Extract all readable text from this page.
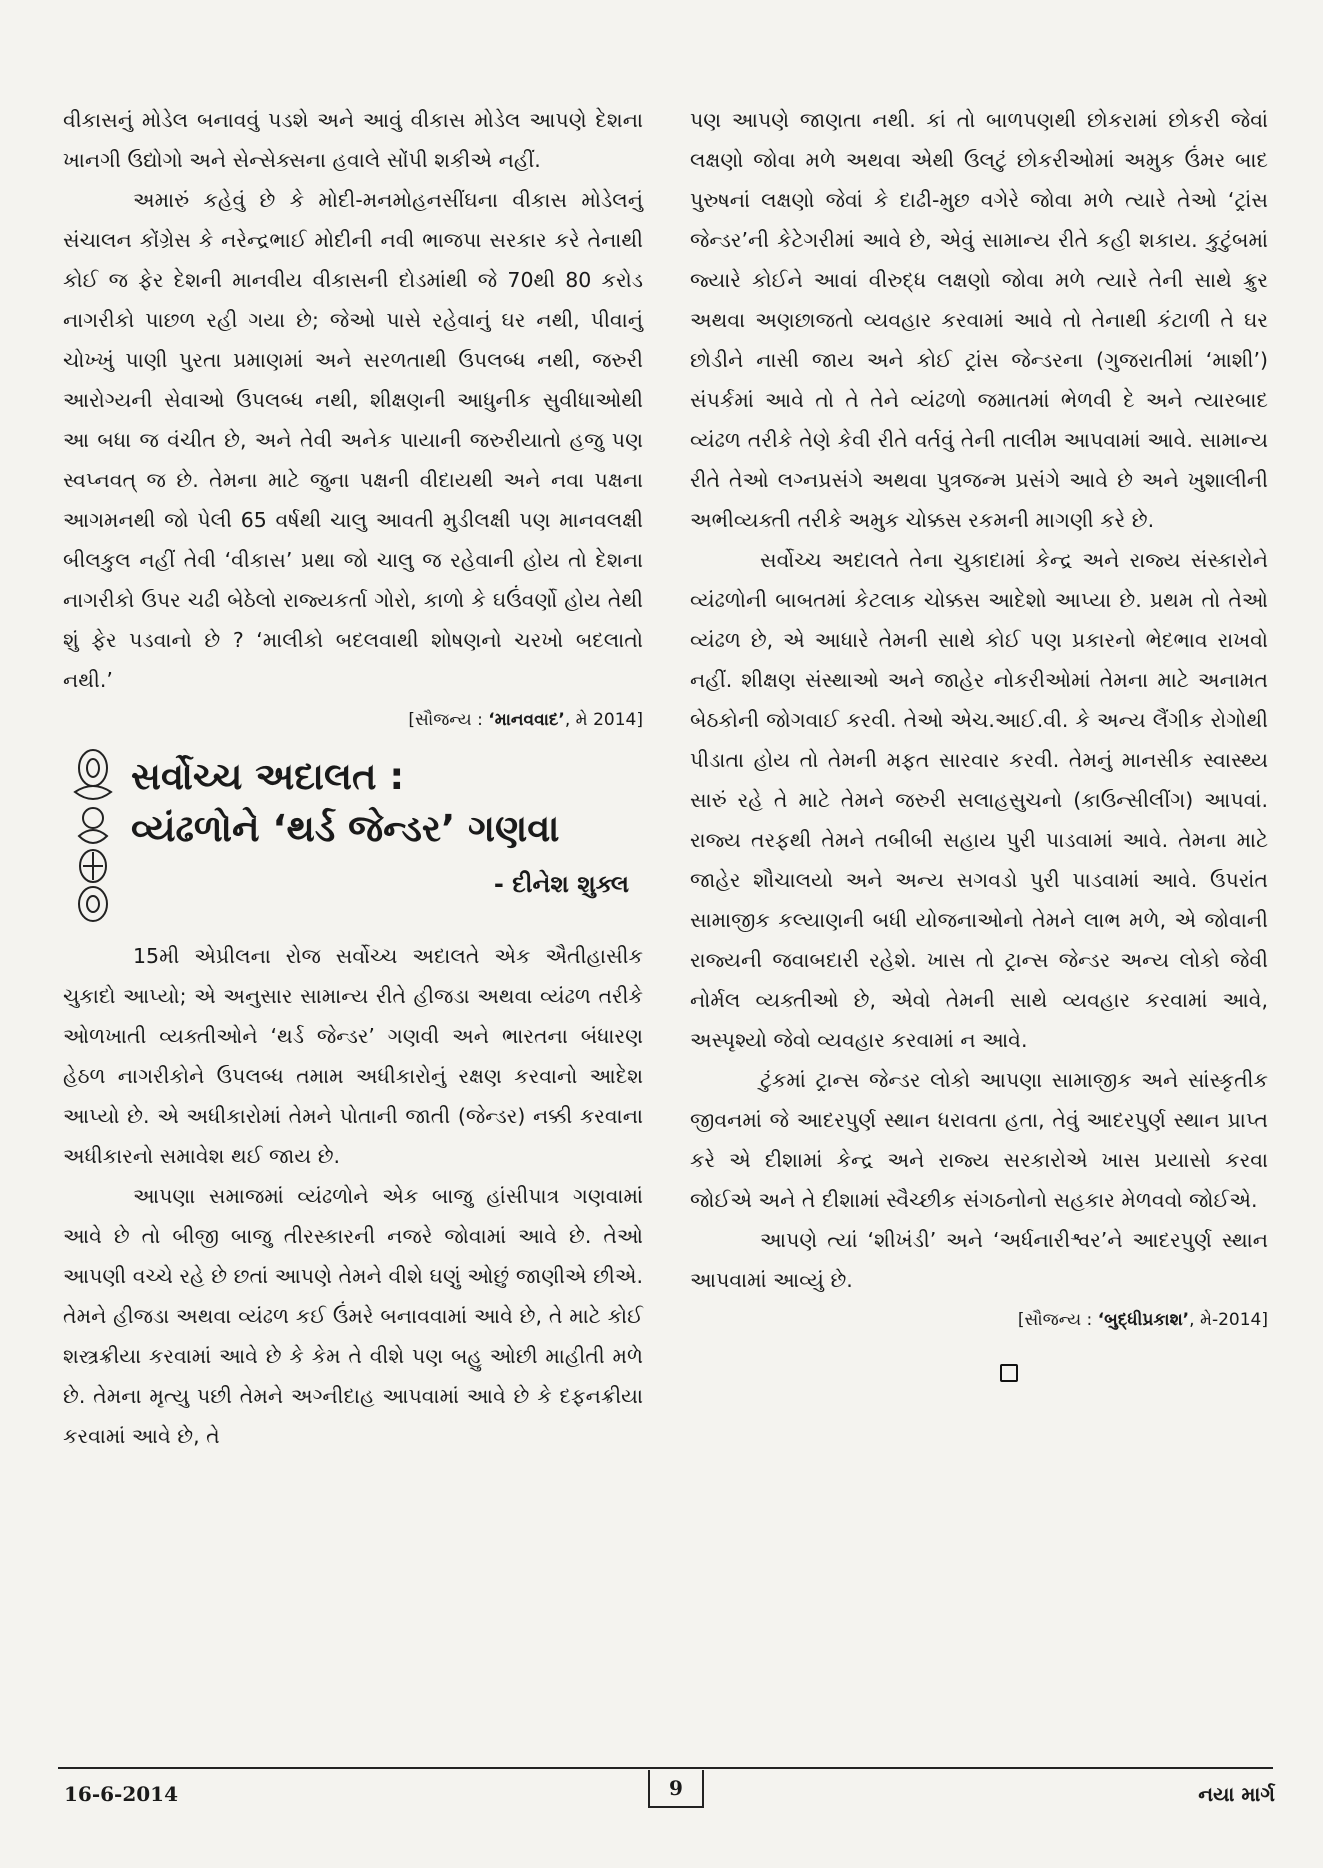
વીકાસનું મોડેલ બનાવવું પડશે અને આવું વીકાસ મોડેલ આપણે દેશના ખાનગી ઉદ્યોગો અને સેન્સેક્સના હવાલે સોંપી શકીએ નહીં.

અમારું કહેવું છે કે મોદી-મનમોહનસીંઘના વીકાસ મોડેલનું સંચાલન કોંગ્રેસ કે નરેન્દ્રભાઈ મોદીની નવી ભાજપા સરકાર કરે તેનાથી કોઈ જ ફેર દેશની માનવીય વીકાસની દોડમાંથી જે 70થી 80 કરોડ નાગરીકો પાછળ રહી ગયા છે; જેઓ પાસે રહેવાનું ઘર નથી, પીવાનું ચોખ્ખું પાણી પુરતા પ્રમાણમાં અને સરળતાથી ઉપલબ્ધ નથી, જરુરી આરોગ્યની સેવાઓ ઉપલબ્ધ નથી, શીક્ષણની આધુનીક સુવીધાઓથી આ બધા જ વંચીત છે, અને તેવી અનેક પાયાની જરુરીયાતો હજુ પણ સ્વપ્નવત્ જ છે. તેમના માટે જુના પક્ષની વીદાયથી અને નવા પક્ષના આગમનથી જો પેલી 65 વર્ષથી ચાલુ આવતી મુડીલક્ષી પણ માનવલક્ષી બીલકુલ નહીં તેવી ‘વીકાસ’ પ્રથા જો ચાલુ જ રહેવાની હોય તો દેશના નાગરીકો ઉપર ચઢી બેઠેલો રાજ્યકર્તા ગોરો, કાળો કે ઘઉંવર્ણો હોય તેથી શું ફેર પડવાનો છે ? ‘માલીકો બદલવાથી શોષણનો ચરખો બદલાતો નથી.’

[સૌજન્ય : ‘માનવવાદ’, મે 2014]
સર્વોચ્ચ અદાલત :
વ્યંઢળોને ‘થર્ડ જેન્ડર’ ગણવા
- દીનેશ શુક્લ

15મી એપ્રીલના રોજ સર્વોચ્ચ અદાલતે એક ઐતીહાસીક ચુકાદો આપ્યો; એ અનુસાર સામાન્ય રીતે હીજડા અથવા વ્યંઢળ તરીકે ઓળખાતી વ્યક્તીઓને ‘થર્ડ જેન્ડર’ ગણવી અને ભારતના બંધારણ હેઠળ નાગરીકોને ઉપલબ્ધ તમામ અધીકારોનું રક્ષણ કરવાનો આદેશ આપ્યો છે. એ અધીકારોમાં તેમને પોતાની જાતી (જેન્ડર) નક્કી કરવાના અધીકારનો સમાવેશ થઈ જાય છે.

આપણા સમાજમાં વ્યંઢળોને એક બાજુ હાંસીપાત્ર ગણવામાં આવે છે તો બીજી બાજુ તીરસ્કારની નજરે જોવામાં આવે છે. તેઓ આપણી વચ્ચે રહે છે છતાં આપણે તેમને વીશે ઘણું ઓછું જાણીએ છીએ. તેમને હીજડા અથવા વ્યંઢળ કઈ ઉંમરે બનાવવામાં આવે છે, તે માટે કોઈ શસ્ત્રક્રીયા કરવામાં આવે છે કે કેમ તે વીશે પણ બહુ ઓછી માહીતી મળે છે. તેમના મૃત્યુ પછી તેમને અગ્નીદાહ આપવામાં આવે છે કે દફનક્રીયા કરવામાં આવે છે, તે

પણ આપણે જાણતા નથી. કાં તો બાળપણથી છોકરામાં છોકરી જેવાં લક્ષણો જોવા મળે અથવા એથી ઉલટું છોકરીઓમાં અમુક ઉંમર બાદ પુરુષનાં લક્ષણો જેવાં કે દાઢી-મુછ વગેરે જોવા મળે ત્યારે તેઓ ‘ટ્રાંસ જેન્ડર’ની કેટેગરીમાં આવે છે, એવું સામાન્ય રીતે કહી શકાય. કુટુંબમાં જ્યારે કોઈને આવાં વીરુદ્ધ લક્ષણો જોવા મળે ત્યારે તેની સાથે ક્રુર અથવા અણછાજતો વ્યવહાર કરવામાં આવે તો તેનાથી કંટાળી તે ઘર છોડીને નાસી જાય અને કોઈ ટ્રાંસ જેન્ડરના (ગુજરાતીમાં ‘માશી’) સંપર્કમાં આવે તો તે તેને વ્યંઢળો જમાતમાં ભેળવી દે અને ત્યારબાદ વ્યંઢળ તરીકે તેણે કેવી રીતે વર્તવું તેની તાલીમ આપવામાં આવે. સામાન્ય રીતે તેઓ લગ્નપ્રસંગે અથવા પુત્રજન્મ પ્રસંગે આવે છે અને ખુશાલીની અભીવ્યક્તી તરીકે અમુક ચોક્કસ રકમની માગણી કરે છે.

સર્વોચ્ચ અદાલતે તેના ચુકાદામાં કેન્દ્ર અને રાજ્ય સંસ્કારોને વ્યંઢળોની બાબતમાં કેટલાક ચોક્કસ આદેશો આપ્યા છે. પ્રથમ તો તેઓ વ્યંઢળ છે, એ આધારે તેમની સાથે કોઈ પણ પ્રકારનો ભેદભાવ રાખવો નહીં. શીક્ષણ સંસ્થાઓ અને જાહેર નોકરીઓમાં તેમના માટે અનામત બેઠકોની જોગવાઈ કરવી. તેઓ એચ.આઈ.વી. કે અન્ય લૈંગીક રોગોથી પીડાતા હોય તો તેમની મફત સારવાર કરવી. તેમનું માનસીક સ્વાસ્થ્ય સારું રહે તે માટે તેમને જરુરી સલાહસુચનો (કાઉન્સીલીંગ) આપવાં. રાજ્ય તરફથી તેમને તબીબી સહાય પુરી પાડવામાં આવે. તેમના માટે જાહેર શૌચાલયો અને અન્ય સગવડો પુરી પાડવામાં આવે. ઉપરાંત સામાજીક કલ્યાણની બધી યોજનાઓનો તેમને લાભ મળે, એ જોવાની રાજ્યની જવાબદારી રહેશે. ખાસ તો ટ્રાન્સ જેન્ડર અન્ય લોકો જેવી નોર્મલ વ્યક્તીઓ છે, એવો તેમની સાથે વ્યવહાર કરવામાં આવે, અસ્પૃશ્યો જેવો વ્યવહાર કરવામાં ન આવે.

ટુંકમાં ટ્રાન્સ જેન્ડર લોકો આપણા સામાજીક અને સાંસ્કૃતીક જીવનમાં જે આદરપુર્ણ સ્થાન ધરાવતા હતા, તેવું આદરપુર્ણ સ્થાન પ્રાપ્ત કરે એ દીશામાં કેન્દ્ર અને રાજ્ય સરકારોએ ખાસ પ્રયાસો કરવા જોઈએ અને તે દીશામાં સ્વૈચ્છીક સંગઠનોનો સહકાર મેળવવો જોઈએ.

આપણે ત્યાં ‘શીખંડી’ અને ‘અર્ધનારીશ્વર’ને આદરપુર્ણ સ્થાન આપવામાં આવ્યું છે.

[સૌજન્ય : ‘બુદ્ધીપ્રકાશ’, મે-2014]
16-6-2014	9	નયા માર્ગ
